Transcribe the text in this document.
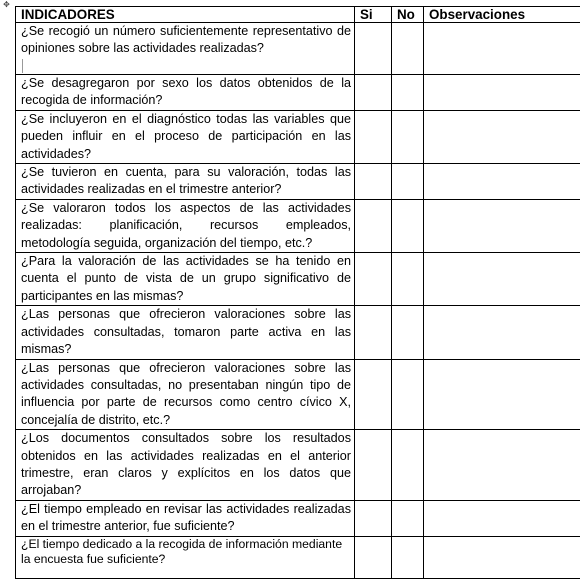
✥
INDICADORES	Si	No	Observaciones
¿Se recogió un número suficientemente representativo de opiniones sobre las actividades realizadas?

¿Se desagregaron por sexo los datos obtenidos de la recogida de información?			
¿Se incluyeron en el diagnóstico todas las variables que pueden influir en el proceso de participación en las actividades?			
¿Se tuvieron en cuenta, para su valoración, todas las actividades realizadas en el trimestre anterior?			
¿Se valoraron todos los aspectos de las actividades realizadas: planificación, recursos empleados, metodología seguida, organización del tiempo, etc.?			
¿Para la valoración de las actividades se ha tenido en cuenta el punto de vista de un grupo significativo de participantes en las mismas?			
¿Las personas que ofrecieron valoraciones sobre las actividades consultadas, tomaron parte activa en las mismas?			
¿Las personas que ofrecieron valoraciones sobre las actividades consultadas, no presentaban ningún tipo de influencia por parte de recursos como centro cívico X, concejalía de distrito, etc.?			
¿Los documentos consultados sobre los resultados obtenidos en las actividades realizadas en el anterior trimestre, eran claros y explícitos en los datos que arrojaban?			
¿El tiempo empleado en revisar las actividades realizadas en el trimestre anterior, fue suficiente?			
¿El tiempo dedicado a la recogida de información mediante la encuesta fue suficiente?			
